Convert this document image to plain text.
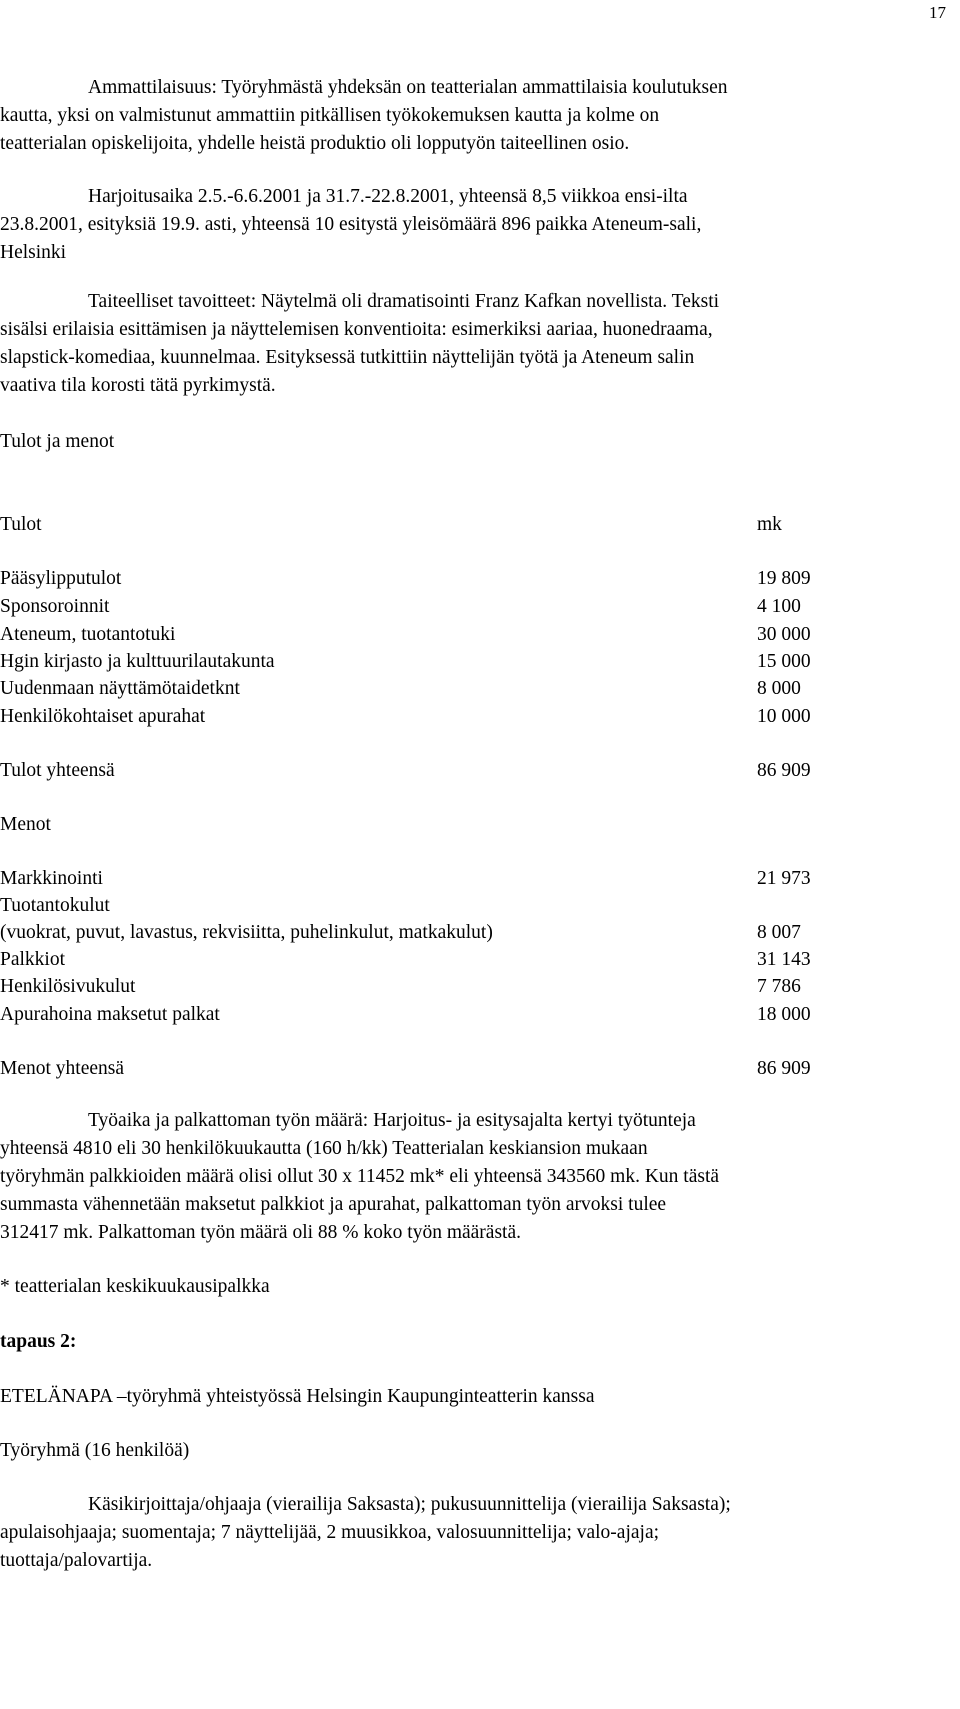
17

Ammattilaisuus: Työryhmästä yhdeksän on teatterialan ammattilaisia koulutuksen
kautta, yksi on valmistunut ammattiin pitkällisen työkokemuksen kautta ja kolme on
teatterialan opiskelijoita, yhdelle heistä produktio oli lopputyön taiteellinen osio.

Harjoitusaika 2.5.-6.6.2001 ja 31.7.-22.8.2001, yhteensä 8,5 viikkoa ensi-ilta
23.8.2001, esityksiä 19.9. asti, yhteensä 10 esitystä yleisömäärä 896 paikka Ateneum-sali,
Helsinki

Taiteelliset tavoitteet: Näytelmä oli dramatisointi Franz Kafkan novellista. Teksti
sisälsi erilaisia esittämisen ja näyttelemisen konventioita: esimerkiksi aariaa, huonedraama,
slapstick-komediaa, kuunnelmaa. Esityksessä tutkittiin näyttelijän työtä ja Ateneum salin
vaativa tila korosti tätä pyrkimystä.

Tulot ja menot
Tulot	mk
Pääsylipputulot	19 809
Sponsoroinnit	4 100
Ateneum, tuotantotuki	30 000
Hgin kirjasto ja kulttuurilautakunta	15 000
Uudenmaan näyttämötaidetknt	8 000
Henkilökohtaiset apurahat	10 000
Tulot yhteensä	86 909
Menot
Markkinointi	21 973
Tuotantokulut
(vuokrat, puvut, lavastus, rekvisiitta, puhelinkulut, matkakulut)	8 007
Palkkiot	31 143
Henkilösivukulut	7 786
Apurahoina maksetut palkat	18 000
Menot yhteensä	86 909

Työaika ja palkattoman työn määrä: Harjoitus- ja esitysajalta kertyi työtunteja
yhteensä 4810 eli 30 henkilökuukautta (160 h/kk) Teatterialan keskiansion mukaan
työryhmän palkkioiden määrä olisi ollut 30 x 11452 mk* eli yhteensä 343560 mk. Kun tästä
summasta vähennetään maksetut palkkiot ja apurahat, palkattoman työn arvoksi tulee
312417 mk. Palkattoman työn määrä oli 88 % koko työn määrästä.

* teatterialan keskikuukausipalkka
tapaus 2:
ETELÄNAPA –työryhmä yhteistyössä Helsingin Kaupunginteatterin kanssa
Työryhmä (16 henkilöä)

Käsikirjoittaja/ohjaaja (vierailija Saksasta); pukusuunnittelija (vierailija Saksasta);
apulaisohjaaja; suomentaja; 7 näyttelijää, 2 muusikkoa, valosuunnittelija; valo-ajaja;
tuottaja/palovartija.
